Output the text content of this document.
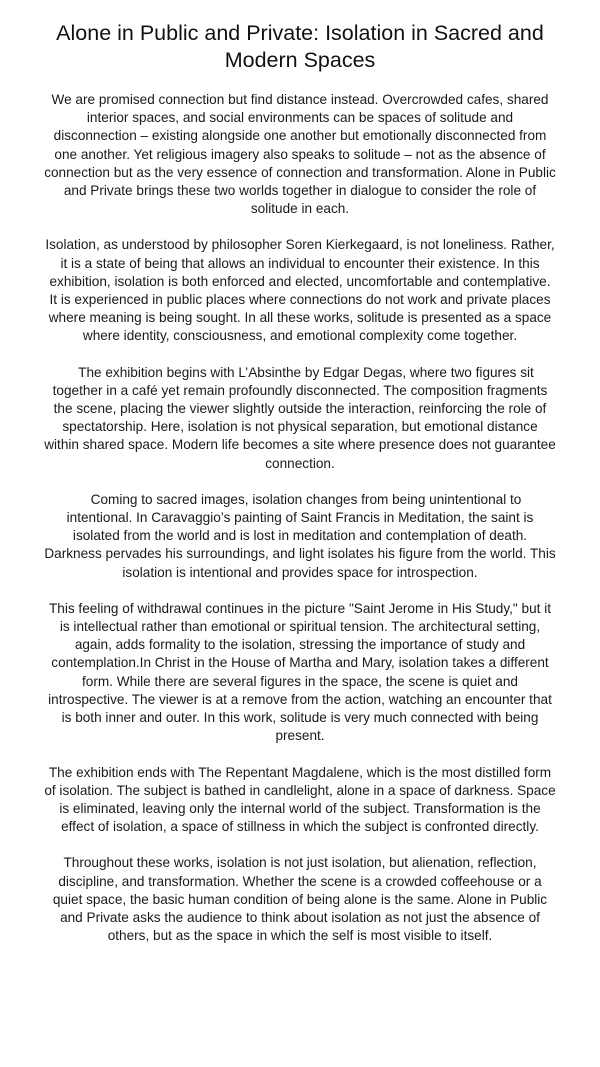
Alone in Public and Private: Isolation in Sacred and
Modern Spaces

We are promised connection but find distance instead. Overcrowded cafes, shared interior spaces, and social environments can be spaces of solitude and disconnection – existing alongside one another but emotionally disconnected from one another. Yet religious imagery also speaks to solitude – not as the absence of connection but as the very essence of connection and transformation. Alone in Public and Private brings these two worlds together in dialogue to consider the role of solitude in each.

Isolation, as understood by philosopher Soren Kierkegaard, is not loneliness. Rather, it is a state of being that allows an individual to encounter their existence. In this exhibition, isolation is both enforced and elected, uncomfortable and contemplative. It is experienced in public places where connections do not work and private places where meaning is being sought. In all these works, solitude is presented as a space where identity, consciousness, and emotional complexity come together.

The exhibition begins with L’Absinthe by Edgar Degas, where two figures sit together in a café yet remain profoundly disconnected. The composition fragments the scene, placing the viewer slightly outside the interaction, reinforcing the role of spectatorship. Here, isolation is not physical separation, but emotional distance within shared space. Modern life becomes a site where presence does not guarantee connection.

Coming to sacred images, isolation changes from being unintentional to intentional. In Caravaggio’s painting of Saint Francis in Meditation, the saint is isolated from the world and is lost in meditation and contemplation of death. Darkness pervades his surroundings, and light isolates his figure from the world. This isolation is intentional and provides space for introspection.

This feeling of withdrawal continues in the picture "Saint Jerome in His Study," but it is intellectual rather than emotional or spiritual tension. The architectural setting, again, adds formality to the isolation, stressing the importance of study and contemplation.In Christ in the House of Martha and Mary, isolation takes a different form. While there are several figures in the space, the scene is quiet and introspective. The viewer is at a remove from the action, watching an encounter that is both inner and outer. In this work, solitude is very much connected with being present.

The exhibition ends with The Repentant Magdalene, which is the most distilled form of isolation. The subject is bathed in candlelight, alone in a space of darkness. Space is eliminated, leaving only the internal world of the subject. Transformation is the effect of isolation, a space of stillness in which the subject is confronted directly.

Throughout these works, isolation is not just isolation, but alienation, reflection, discipline, and transformation. Whether the scene is a crowded coffeehouse or a quiet space, the basic human condition of being alone is the same. Alone in Public and Private asks the audience to think about isolation as not just the absence of others, but as the space in which the self is most visible to itself.
